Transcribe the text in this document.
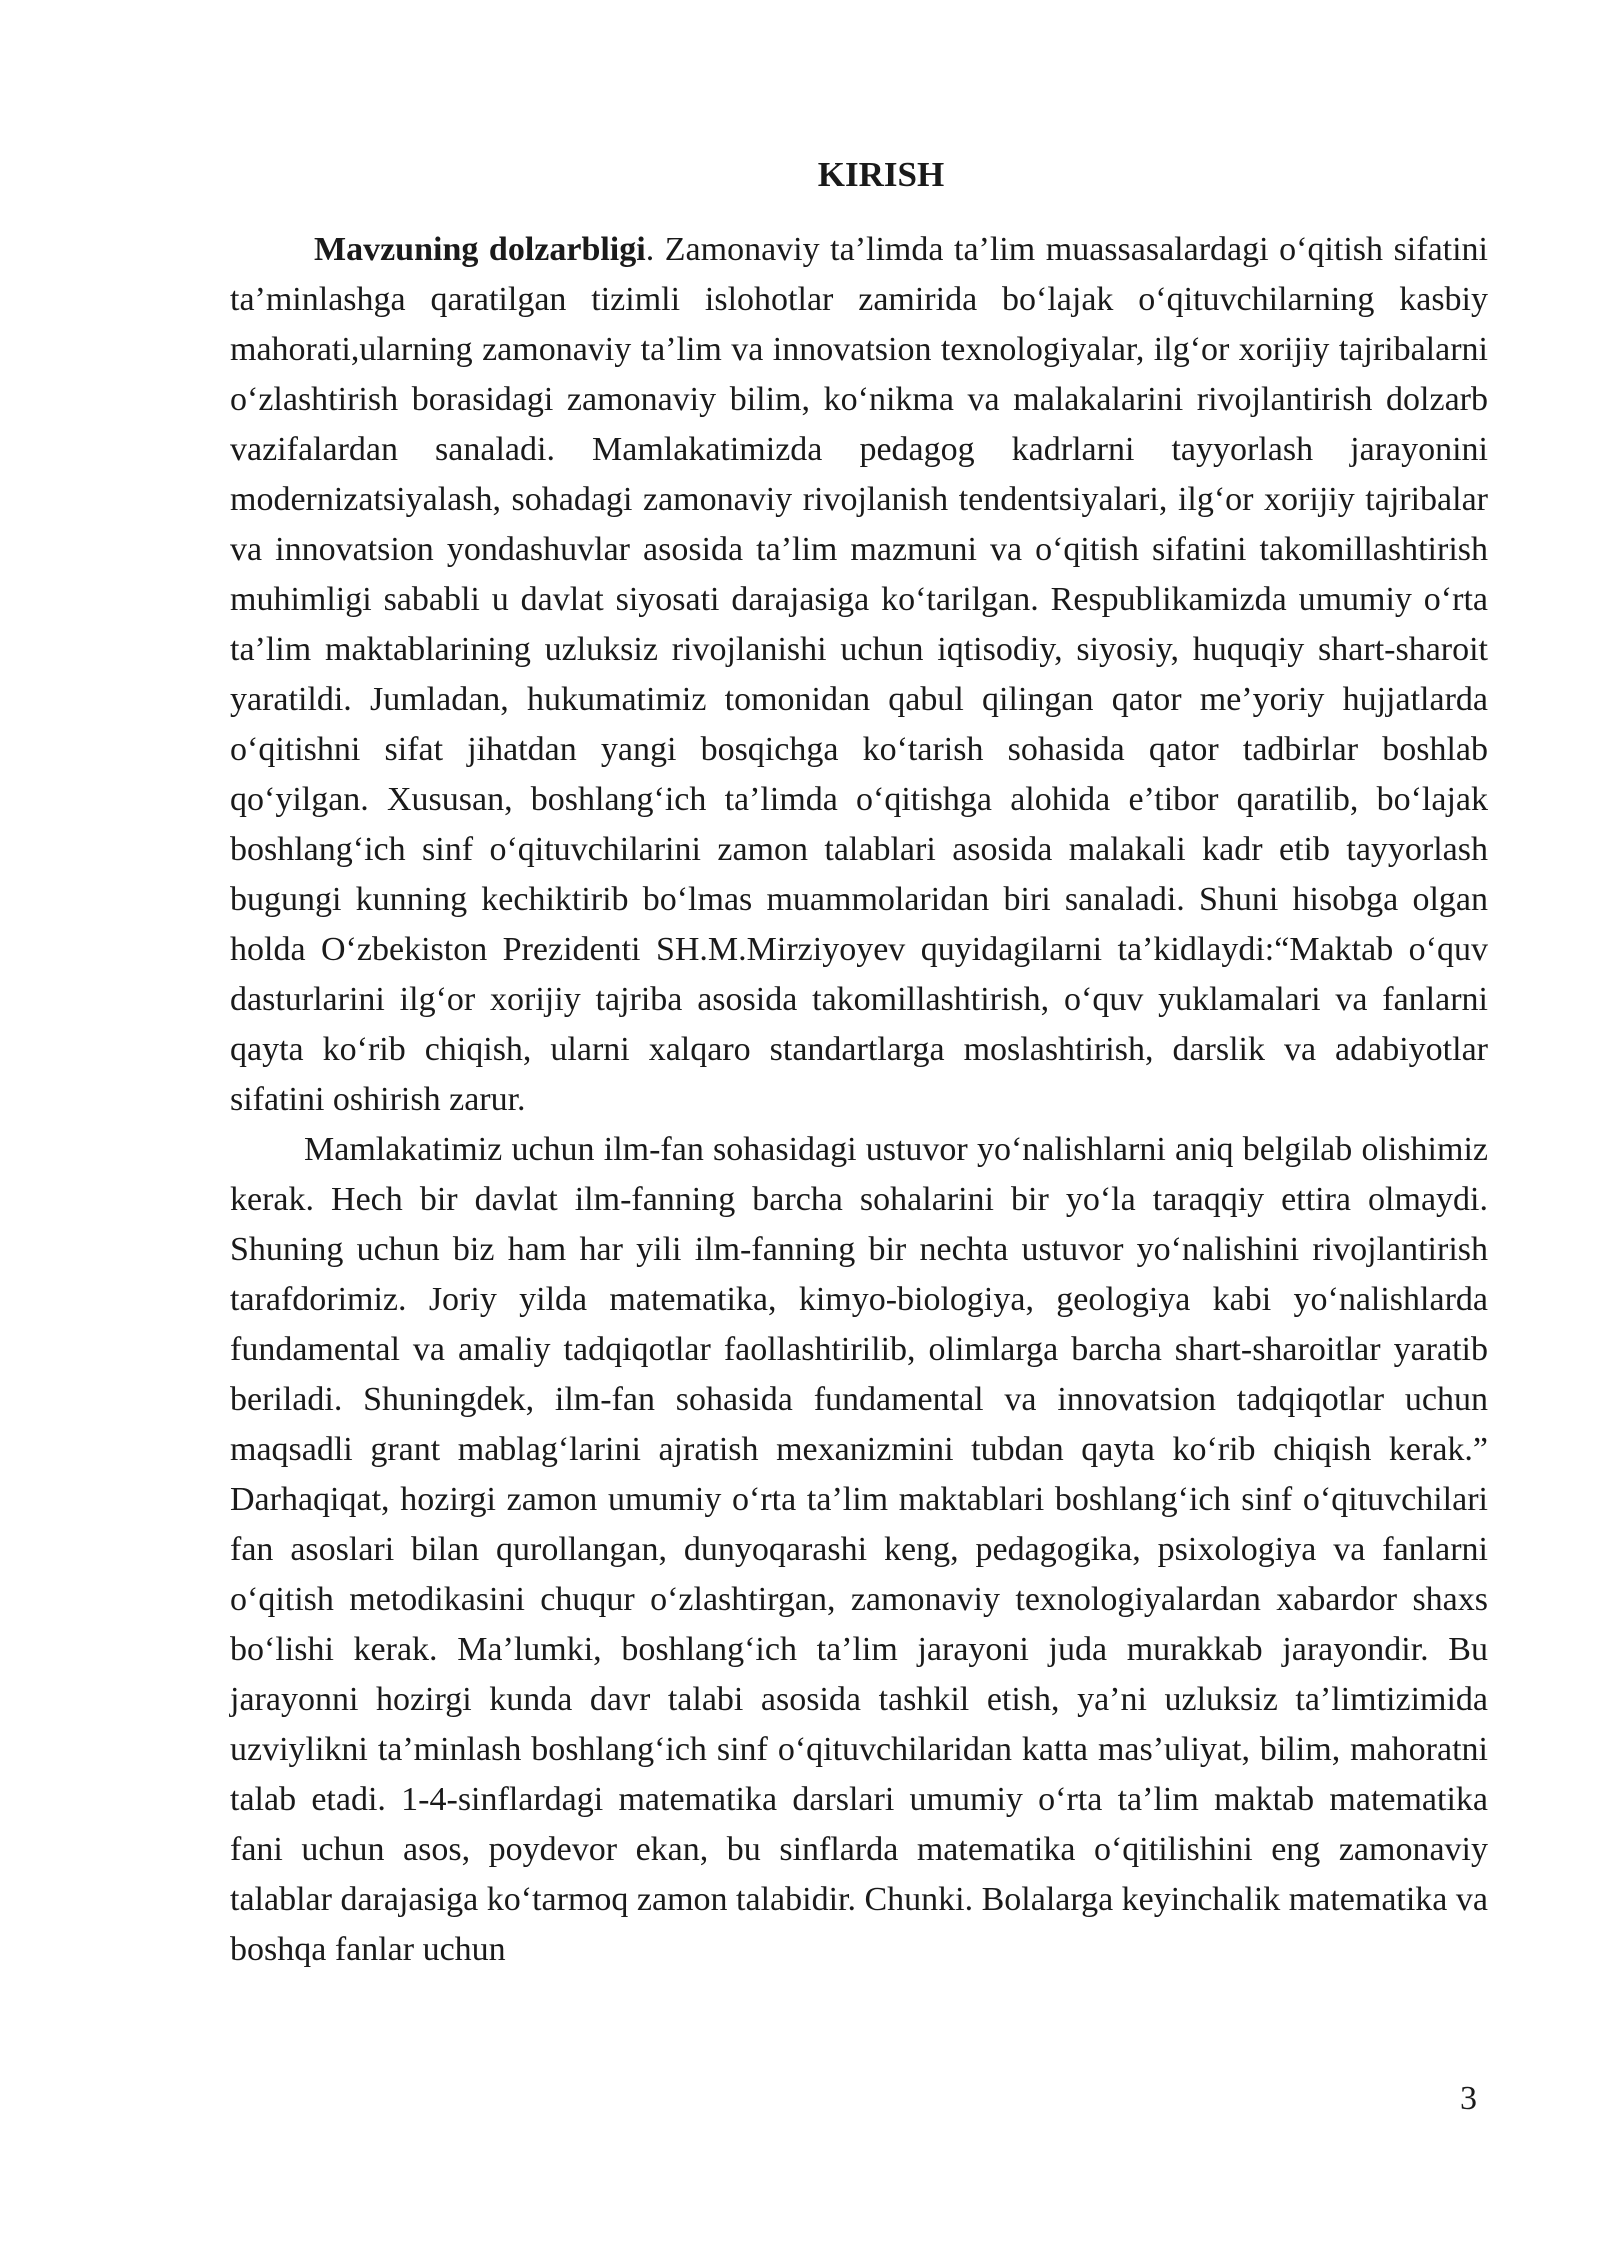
KIRISH

Mavzuning dolzarbligi. Zamonaviy ta’limda ta’lim muassasalardagi o‘qitish sifatini ta’minlashga qaratilgan tizimli islohotlar zamirida bo‘lajak o‘qituvchilarning kasbiy mahorati,ularning zamonaviy ta’lim va innovatsion texnologiyalar, ilg‘or xorijiy tajribalarni o‘zlashtirish borasidagi zamonaviy bilim, ko‘nikma va malakalarini rivojlantirish dolzarb vazifalardan sanaladi. Mamlakatimizda pedagog kadrlarni tayyorlash jarayonini modernizatsiyalash, sohadagi zamonaviy rivojlanish tendentsiyalari, ilg‘or xorijiy tajribalar va innovatsion yondashuvlar asosida ta’lim mazmuni va o‘qitish sifatini takomillashtirish muhimligi sababli u davlat siyosati darajasiga ko‘tarilgan. Respublikamizda umumiy o‘rta ta’lim maktablarining uzluksiz rivojlanishi uchun iqtisodiy, siyosiy, huquqiy shart-sharoit yaratildi. Jumladan, hukumatimiz tomonidan qabul qilingan qator me’yoriy hujjatlarda o‘qitishni sifat jihatdan yangi bosqichga ko‘tarish sohasida qator tadbirlar boshlab qo‘yilgan. Xususan, boshlang‘ich ta’limda o‘qitishga alohida e’tibor qaratilib, bo‘lajak boshlang‘ich sinf o‘qituvchilarini zamon talablari asosida malakali kadr etib tayyorlash bugungi kunning kechiktirib bo‘lmas muammolaridan biri sanaladi. Shuni hisobga olgan holda O‘zbekiston Prezidenti SH.M.Mirziyoyev quyidagilarni ta’kidlaydi:“Maktab o‘quv dasturlarini ilg‘or xorijiy tajriba asosida takomillashtirish, o‘quv yuklamalari va fanlarni qayta ko‘rib chiqish, ularni xalqaro standartlarga moslashtirish, darslik va adabiyotlar sifatini oshirish zarur.

Mamlakatimiz uchun ilm-fan sohasidagi ustuvor yo‘nalishlarni aniq belgilab olishimiz kerak. Hech bir davlat ilm-fanning barcha sohalarini bir yo‘la taraqqiy ettira olmaydi. Shuning uchun biz ham har yili ilm-fanning bir nechta ustuvor yo‘nalishini rivojlantirish tarafdorimiz. Joriy yilda matematika, kimyo-biologiya, geologiya kabi yo‘nalishlarda fundamental va amaliy tadqiqotlar faollashtirilib, olimlarga barcha shart-sharoitlar yaratib beriladi. Shuningdek, ilm-fan sohasida fundamental va innovatsion tadqiqotlar uchun maqsadli grant mablag‘larini ajratish mexanizmini tubdan qayta ko‘rib chiqish kerak.” Darhaqiqat, hozirgi zamon umumiy o‘rta ta’lim maktablari boshlang‘ich sinf o‘qituvchilari fan asoslari bilan qurollangan, dunyoqarashi keng, pedagogika, psixologiya va fanlarni o‘qitish metodikasini chuqur o‘zlashtirgan, zamonaviy texnologiyalardan xabardor shaxs bo‘lishi kerak. Ma’lumki, boshlang‘ich ta’lim jarayoni juda murakkab jarayondir. Bu jarayonni hozirgi kunda davr talabi asosida tashkil etish, ya’ni uzluksiz ta’limtizimida uzviylikni ta’minlash boshlang‘ich sinf o‘qituvchilaridan katta mas’uliyat, bilim, mahoratni talab etadi. 1-4-sinflardagi matematika darslari umumiy o‘rta ta’lim maktab matematika fani uchun asos, poydevor ekan, bu sinflarda matematika o‘qitilishini eng zamonaviy talablar darajasiga ko‘tarmoq zamon talabidir. Chunki. Bolalarga keyinchalik matematika va boshqa fanlar uchun

3
